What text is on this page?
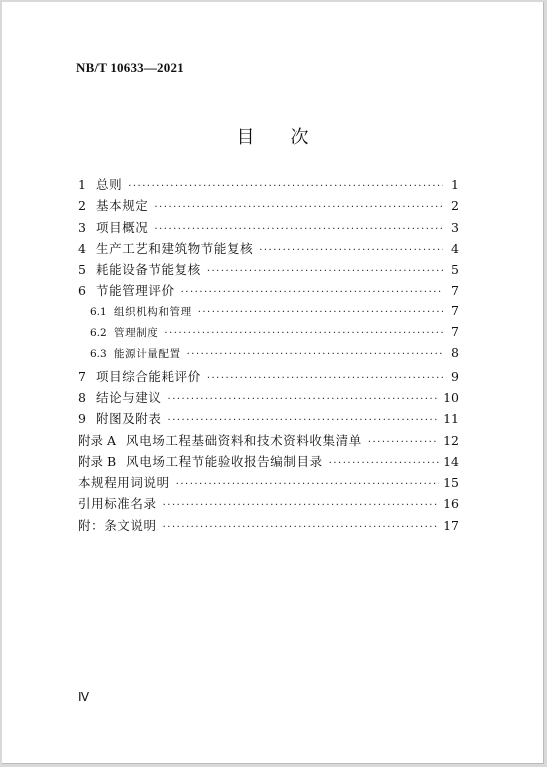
NB/T 10633—2021
目 次
1 总则 ·····	1
2 基本规定 ·····	2
3 项目概况 ·····	3
4 生产工艺和建筑物节能复核 ·····	4
5 耗能设备节能复核 ·····	5
6 节能管理评价 ·····	7
6.1 组织机构和管理 ·····	7
6.2 管理制度 ·····	7
6.3 能源计量配置 ·····	8
7 项目综合能耗评价 ·····	9
8 结论与建议 ·····	10
9 附图及附表 ·····	11
附录 A 风电场工程基础资料和技术资料收集清单 ·····	12
附录 B 风电场工程节能验收报告编制目录 ·····	14
本规程用词说明 ·····	15
引用标准名录 ·····	16
附：条文说明 ·····	17
Ⅳ
